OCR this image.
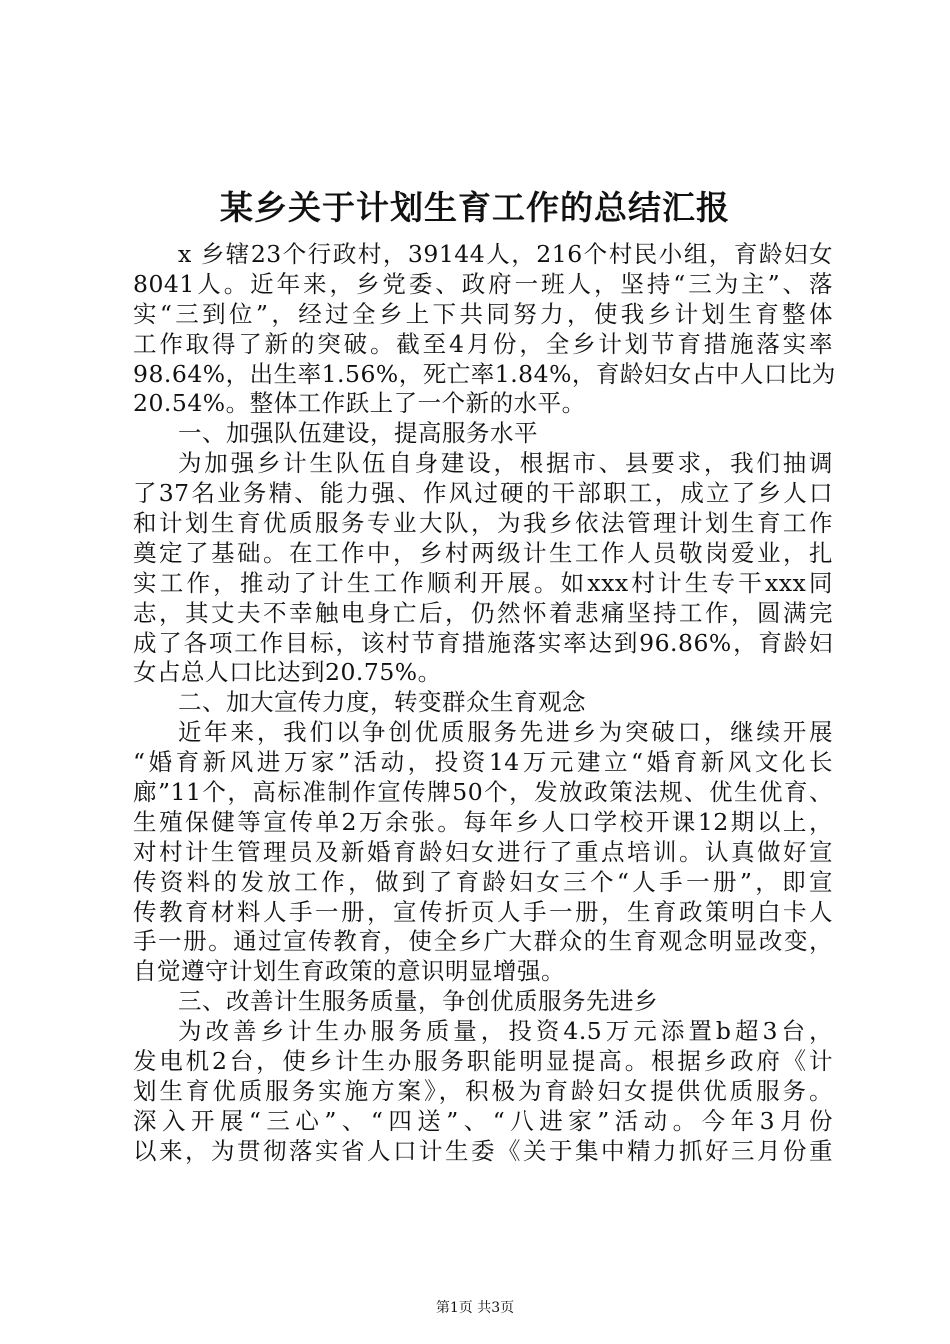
某乡关于计划生育工作的总结汇报
x 乡辖23个行政村，39144人，216个村民小组，育龄妇女
8041人。近年来，乡党委、政府一班人，坚持“三为主”、落
实“三到位”，经过全乡上下共同努力，使我乡计划生育整体
工作取得了新的突破。截至4月份，全乡计划节育措施落实率
98.64%，出生率1.56%，死亡率1.84%，育龄妇女占中人口比为
20.54%。整体工作跃上了一个新的水平。
一、加强队伍建设，提高服务水平
为加强乡计生队伍自身建设，根据市、县要求，我们抽调
了37名业务精、能力强、作风过硬的干部职工，成立了乡人口
和计划生育优质服务专业大队，为我乡依法管理计划生育工作
奠定了基础。在工作中，乡村两级计生工作人员敬岗爱业，扎
实工作，推动了计生工作顺利开展。如xxx村计生专干xxx同
志，其丈夫不幸触电身亡后，仍然怀着悲痛坚持工作，圆满完
成了各项工作目标，该村节育措施落实率达到96.86%，育龄妇
女占总人口比达到20.75%。
二、加大宣传力度，转变群众生育观念
近年来，我们以争创优质服务先进乡为突破口，继续开展
“婚育新风进万家”活动，投资14万元建立“婚育新风文化长
廊”11个，高标准制作宣传牌50个，发放政策法规、优生优育、
生殖保健等宣传单2万余张。每年乡人口学校开课12期以上，
对村计生管理员及新婚育龄妇女进行了重点培训。认真做好宣
传资料的发放工作，做到了育龄妇女三个“人手一册”，即宣
传教育材料人手一册，宣传折页人手一册，生育政策明白卡人
手一册。通过宣传教育，使全乡广大群众的生育观念明显改变，
自觉遵守计划生育政策的意识明显增强。
三、改善计生服务质量，争创优质服务先进乡
为改善乡计生办服务质量，投资4.5万元添置b超3台，
发电机2台，使乡计生办服务职能明显提高。根据乡政府《计
划生育优质服务实施方案》，积极为育龄妇女提供优质服务。
深入开展“三心”、“四送”、“八进家”活动。今年3月份
以来，为贯彻落实省人口计生委《关于集中精力抓好三月份重
第1页 共3页
